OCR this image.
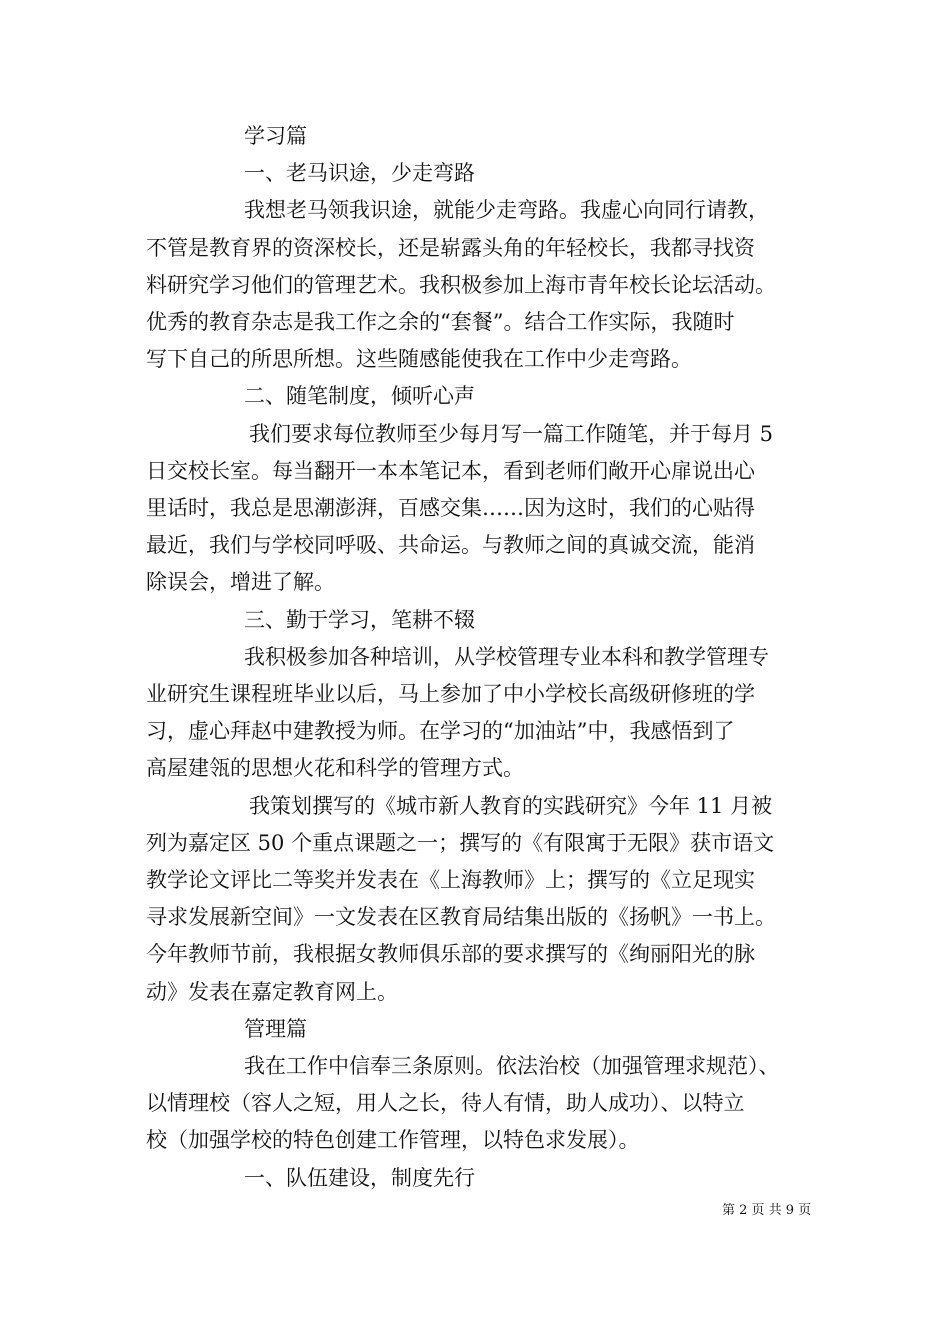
学习篇

一、老马识途，少走弯路

我想老马领我识途，就能少走弯路。我虚心向同行请教，

不管是教育界的资深校长，还是崭露头角的年轻校长，我都寻找资

料研究学习他们的管理艺术。我积极参加上海市青年校长论坛活动。

优秀的教育杂志是我工作之余的“套餐”。结合工作实际，我随时

写下自己的所思所想。这些随感能使我在工作中少走弯路。

二、随笔制度，倾听心声

我们要求每位教师至少每月写一篇工作随笔，并于每月 5

日交校长室。每当翻开一本本笔记本，看到老师们敞开心扉说出心

里话时，我总是思潮澎湃，百感交集……因为这时，我们的心贴得

最近，我们与学校同呼吸、共命运。与教师之间的真诚交流，能消

除误会，增进了解。

三、勤于学习，笔耕不辍

我积极参加各种培训，从学校管理专业本科和教学管理专

业研究生课程班毕业以后，马上参加了中小学校长高级研修班的学

习，虚心拜赵中建教授为师。在学习的“加油站”中，我感悟到了

高屋建瓴的思想火花和科学的管理方式。

我策划撰写的《城市新人教育的实践研究》今年 11 月被

列为嘉定区 50 个重点课题之一；撰写的《有限寓于无限》获市语文

教学论文评比二等奖并发表在《上海教师》上；撰写的《立足现实

寻求发展新空间》一文发表在区教育局结集出版的《扬帆》一书上。

今年教师节前，我根据女教师俱乐部的要求撰写的《绚丽阳光的脉

动》发表在嘉定教育网上。

管理篇

我在工作中信奉三条原则。依法治校（加强管理求规范）、

以情理校（容人之短，用人之长，待人有情，助人成功）、以特立

校（加强学校的特色创建工作管理，以特色求发展）。

一、队伍建设，制度先行

第 2 页 共 9 页
